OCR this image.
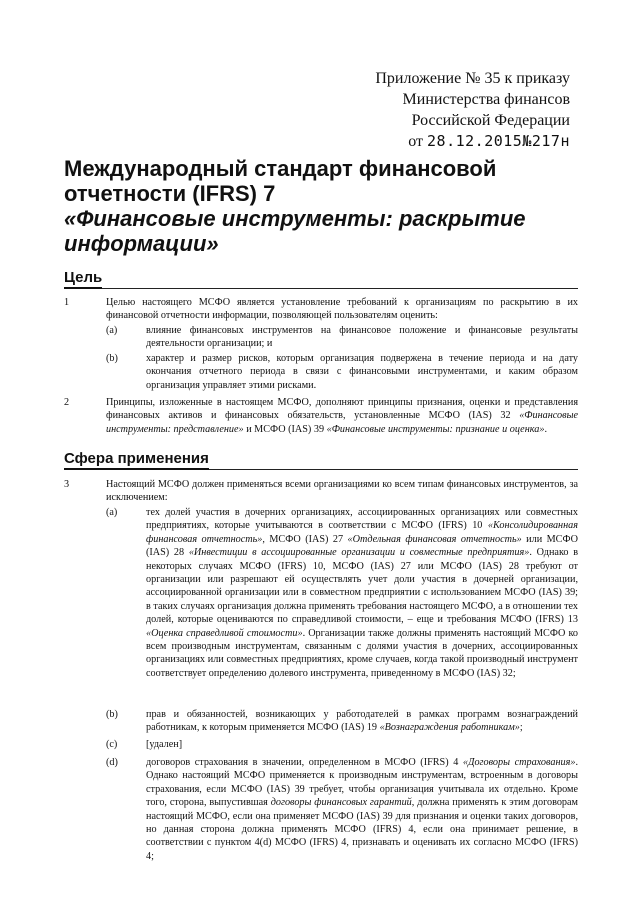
Приложение № 35 к приказу
Министерства финансов
Российской Федерации
от 28.12.2015№217н
Международный стандарт финансовой отчетности (IFRS) 7
«Финансовые инструменты: раскрытие информации»
Цель
1	Целью настоящего МСФО является установление требований к организациям по раскрытию в их финансовой отчетности информации, позволяющей пользователям оценить:
(a)	влияние финансовых инструментов на финансовое положение и финансовые результаты деятельности организации; и
(b)	характер и размер рисков, которым организация подвержена в течение периода и на дату окончания отчетного периода в связи с финансовыми инструментами, и каким образом организация управляет этими рисками.
2	Принципы, изложенные в настоящем МСФО, дополняют принципы признания, оценки и представления финансовых активов и финансовых обязательств, установленные МСФО (IAS) 32 «Финансовые инструменты: представление» и МСФО (IAS) 39 «Финансовые инструменты: признание и оценка».
Сфера применения
3	Настоящий МСФО должен применяться всеми организациями ко всем типам финансовых инструментов, за исключением:
(a)	тех долей участия в дочерних организациях, ассоциированных организациях или совместных предприятиях, которые учитываются в соответствии с МСФО (IFRS) 10 «Консолидированная финансовая отчетность», МСФО (IAS) 27 «Отдельная финансовая отчетность» или МСФО (IAS) 28 «Инвестиции в ассоциированные организации и совместные предприятия». Однако в некоторых случаях МСФО (IFRS) 10, МСФО (IAS) 27 или МСФО (IAS) 28 требуют от организации или разрешают ей осуществлять учет доли участия в дочерней организации, ассоциированной организации или в совместном предприятии с использованием МСФО (IAS) 39; в таких случаях организация должна применять требования настоящего МСФО, а в отношении тех долей, которые оцениваются по справедливой стоимости, – еще и требования МСФО (IFRS) 13 «Оценка справедливой стоимости». Организации также должны применять настоящий МСФО ко всем производным инструментам, связанным с долями участия в дочерних, ассоциированных организациях или совместных предприятиях, кроме случаев, когда такой производный инструмент соответствует определению долевого инструмента, приведенному в МСФО (IAS) 32;
(b)	прав и обязанностей, возникающих у работодателей в рамках программ вознаграждений работникам, к которым применяется МСФО (IAS) 19 «Вознаграждения работникам»;
(c)	[удален]
(d)	договоров страхования в значении, определенном в МСФО (IFRS) 4 «Договоры страхования». Однако настоящий МСФО применяется к производным инструментам, встроенным в договоры страхования, если МСФО (IAS) 39 требует, чтобы организация учитывала их отдельно. Кроме того, сторона, выпустившая договоры финансовых гарантий, должна применять к этим договорам настоящий МСФО, если она применяет МСФО (IAS) 39 для признания и оценки таких договоров, но данная сторона должна применять МСФО (IFRS) 4, если она принимает решение, в соответствии с пунктом 4(d) МСФО (IFRS) 4, признавать и оценивать их согласно МСФО (IFRS) 4;
